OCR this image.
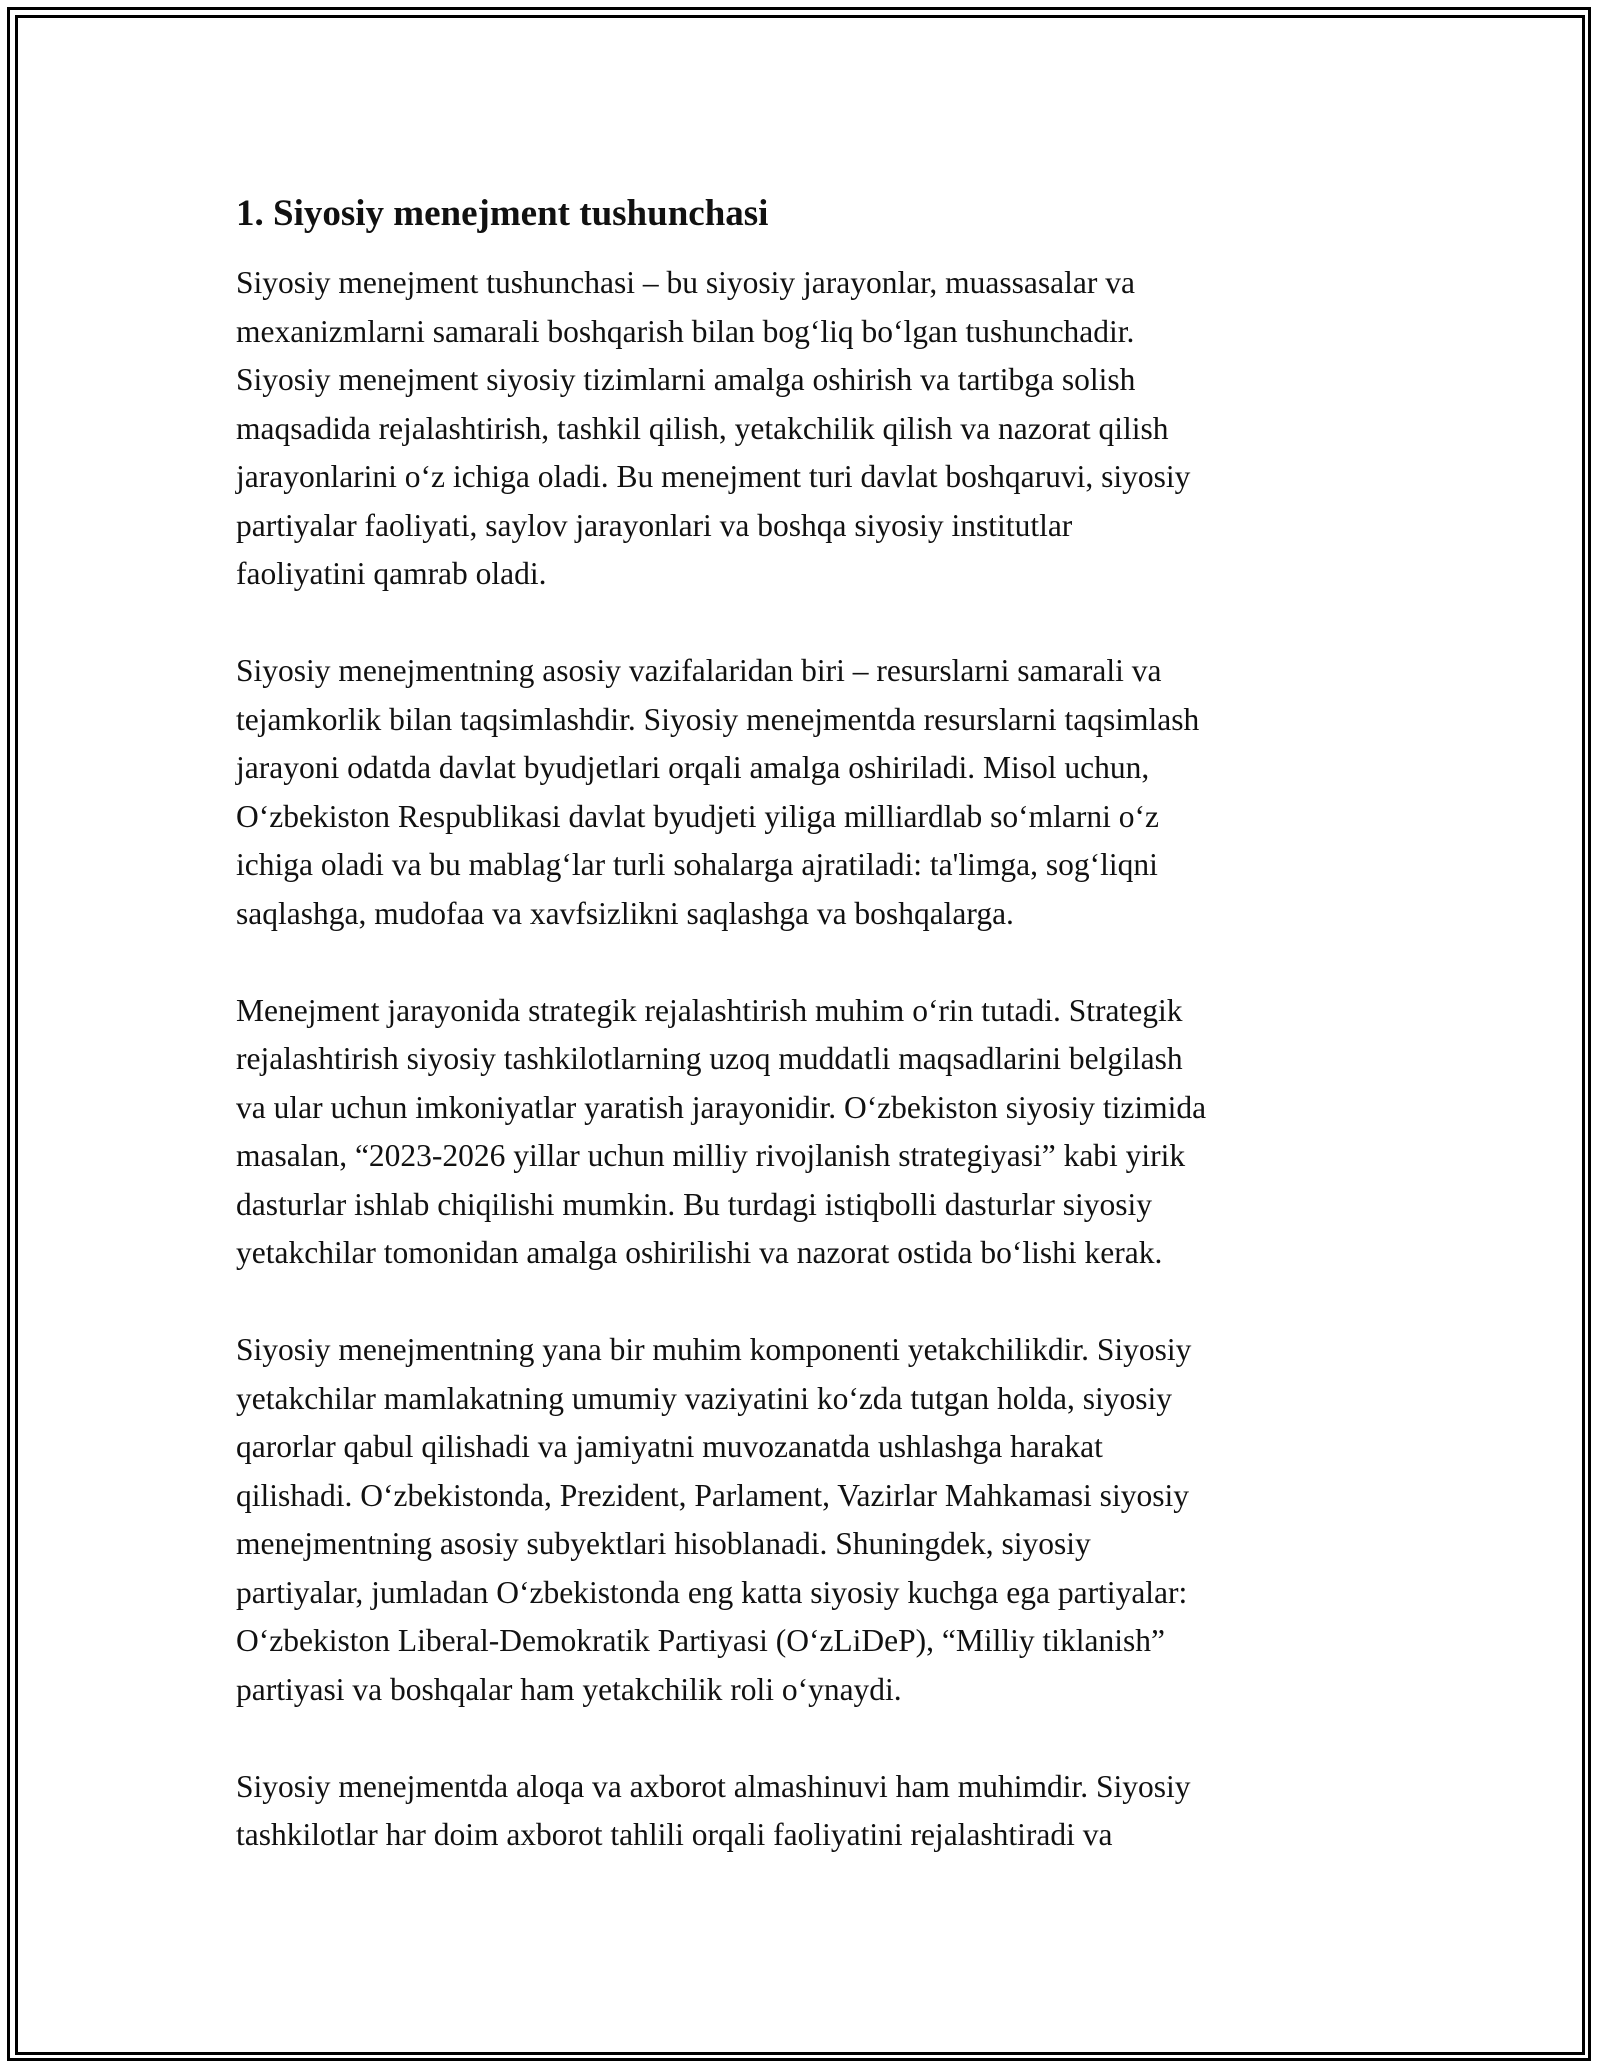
1. Siyosiy menejment tushunchasi
Siyosiy menejment tushunchasi – bu siyosiy jarayonlar, muassasalar va
mexanizmlarni samarali boshqarish bilan bog‘liq bo‘lgan tushunchadir.
Siyosiy menejment siyosiy tizimlarni amalga oshirish va tartibga solish
maqsadida rejalashtirish, tashkil qilish, yetakchilik qilish va nazorat qilish
jarayonlarini o‘z ichiga oladi. Bu menejment turi davlat boshqaruvi, siyosiy
partiyalar faoliyati, saylov jarayonlari va boshqa siyosiy institutlar
faoliyatini qamrab oladi.
Siyosiy menejmentning asosiy vazifalaridan biri – resurslarni samarali va
tejamkorlik bilan taqsimlashdir. Siyosiy menejmentda resurslarni taqsimlash
jarayoni odatda davlat byudjetlari orqali amalga oshiriladi. Misol uchun,
O‘zbekiston Respublikasi davlat byudjeti yiliga milliardlab so‘mlarni o‘z
ichiga oladi va bu mablag‘lar turli sohalarga ajratiladi: ta'limga, sog‘liqni
saqlashga, mudofaa va xavfsizlikni saqlashga va boshqalarga.
Menejment jarayonida strategik rejalashtirish muhim o‘rin tutadi. Strategik
rejalashtirish siyosiy tashkilotlarning uzoq muddatli maqsadlarini belgilash
va ular uchun imkoniyatlar yaratish jarayonidir. O‘zbekiston siyosiy tizimida
masalan, “2023-2026 yillar uchun milliy rivojlanish strategiyasi” kabi yirik
dasturlar ishlab chiqilishi mumkin. Bu turdagi istiqbolli dasturlar siyosiy
yetakchilar tomonidan amalga oshirilishi va nazorat ostida bo‘lishi kerak.
Siyosiy menejmentning yana bir muhim komponenti yetakchilikdir. Siyosiy
yetakchilar mamlakatning umumiy vaziyatini ko‘zda tutgan holda, siyosiy
qarorlar qabul qilishadi va jamiyatni muvozanatda ushlashga harakat
qilishadi. O‘zbekistonda, Prezident, Parlament, Vazirlar Mahkamasi siyosiy
menejmentning asosiy subyektlari hisoblanadi. Shuningdek, siyosiy
partiyalar, jumladan O‘zbekistonda eng katta siyosiy kuchga ega partiyalar:
O‘zbekiston Liberal-Demokratik Partiyasi (O‘zLiDeP), “Milliy tiklanish”
partiyasi va boshqalar ham yetakchilik roli o‘ynaydi.
Siyosiy menejmentda aloqa va axborot almashinuvi ham muhimdir. Siyosiy
tashkilotlar har doim axborot tahlili orqali faoliyatini rejalashtiradi va
